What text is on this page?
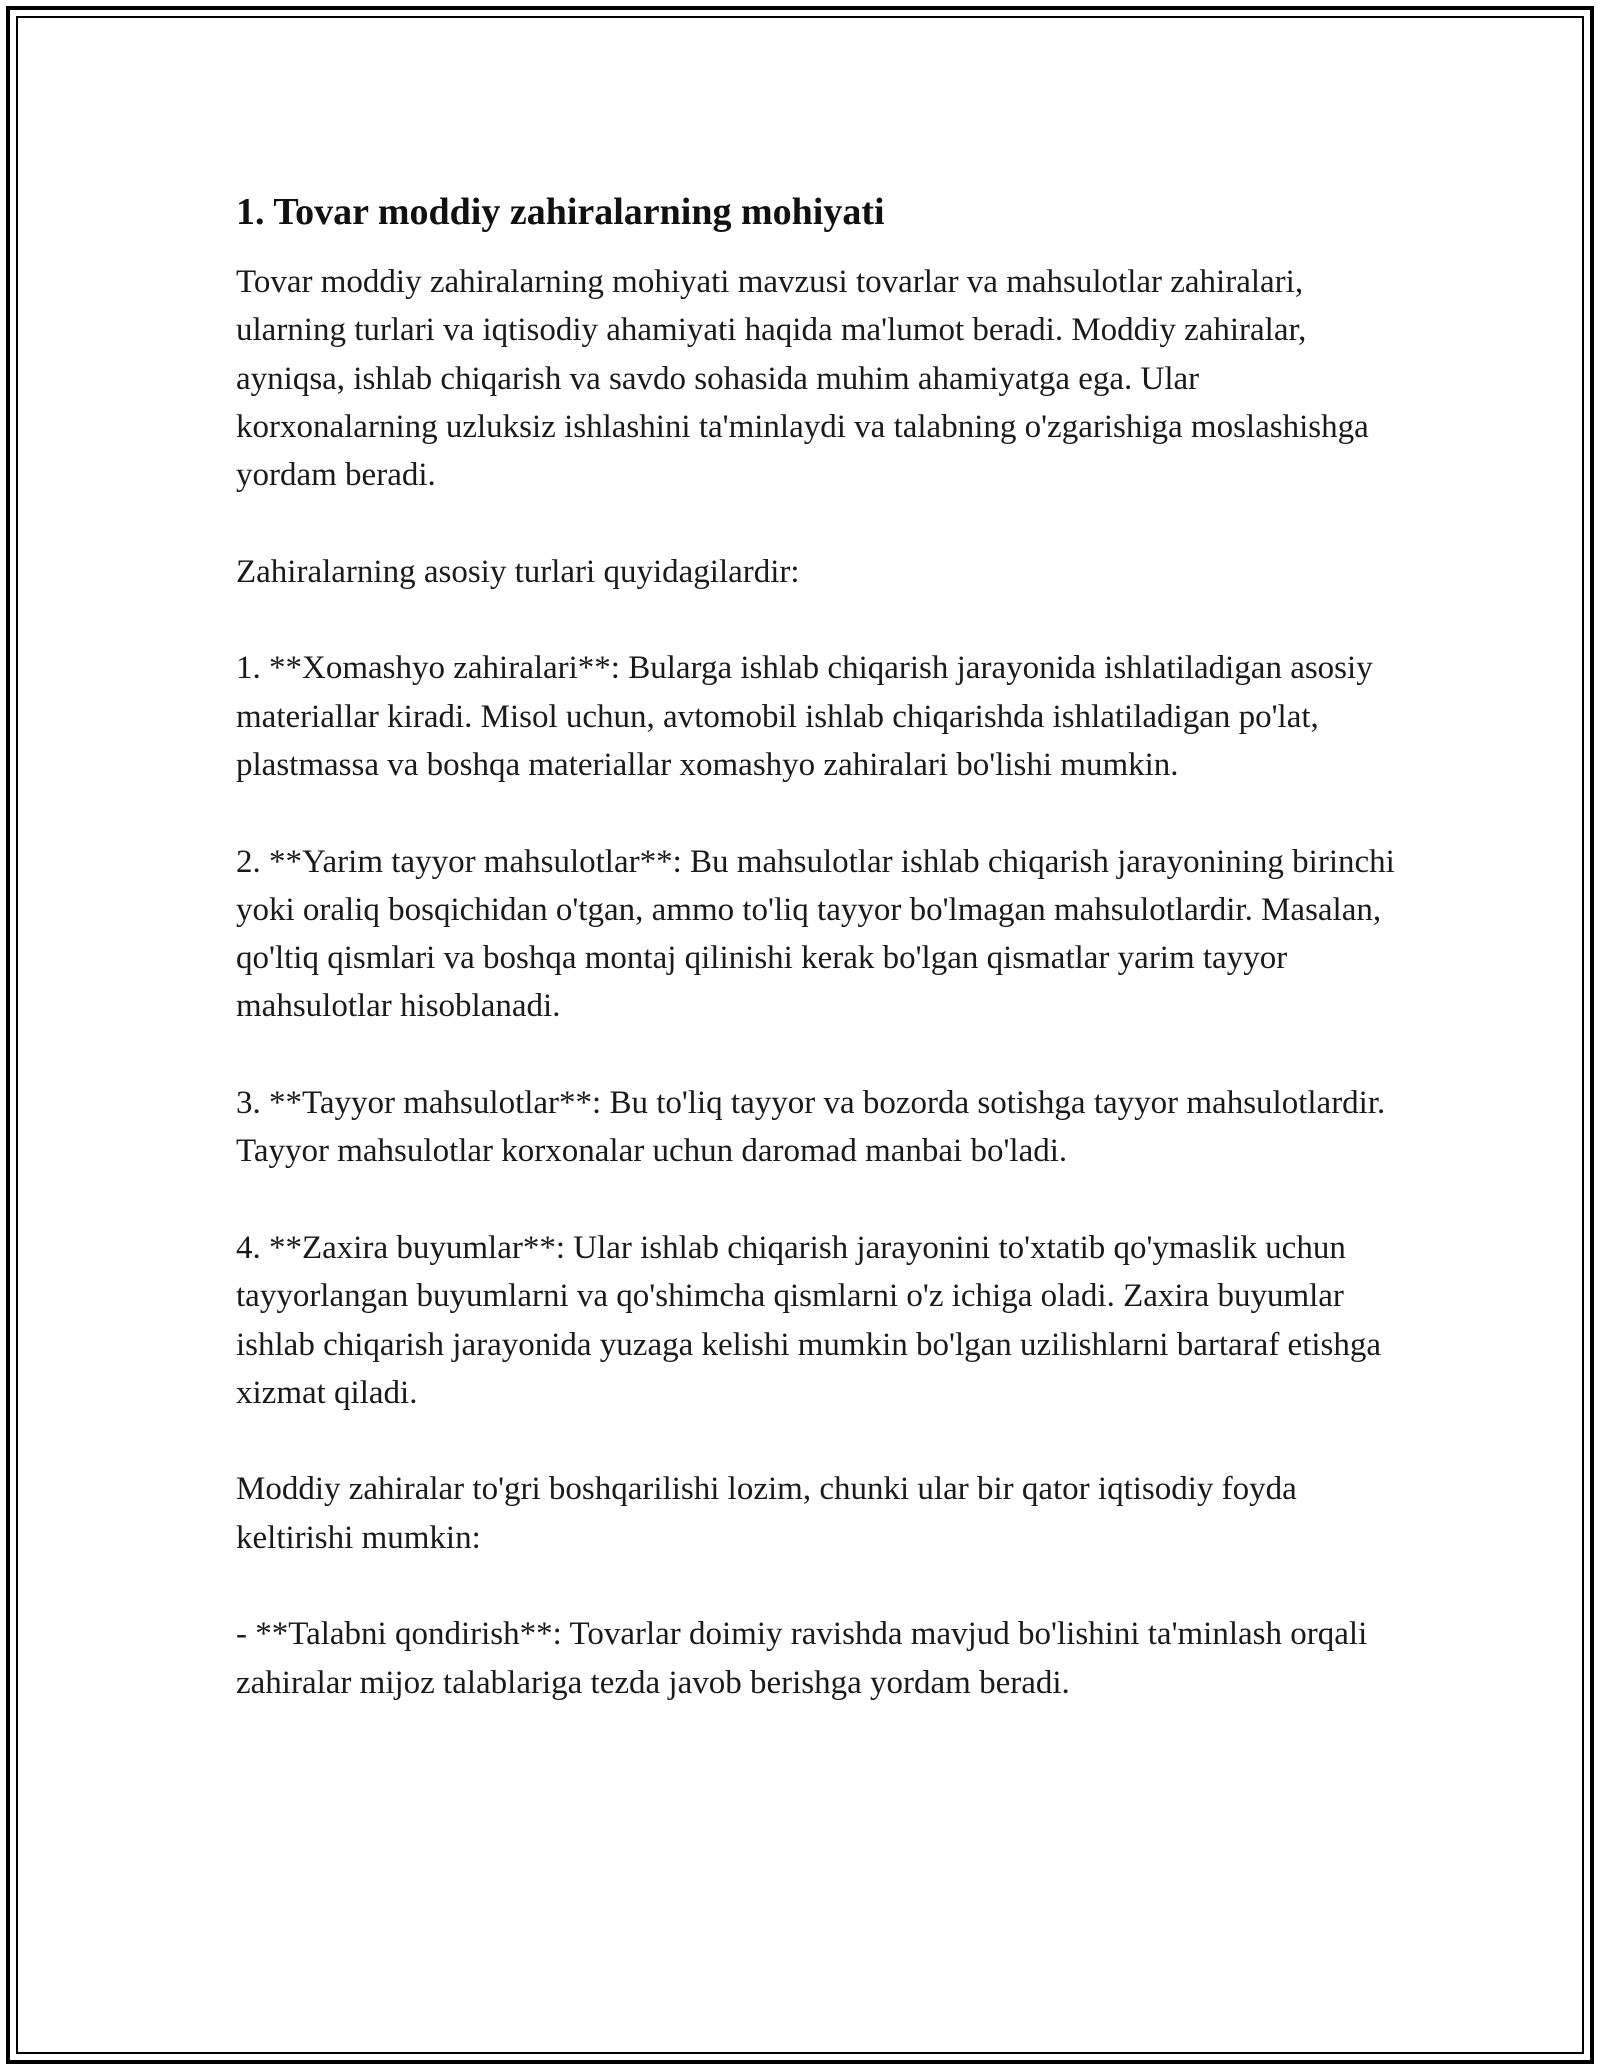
1. Tovar moddiy zahiralarning mohiyati

Tovar moddiy zahiralarning mohiyati mavzusi tovarlar va mahsulotlar zahiralari, ularning turlari va iqtisodiy ahamiyati haqida ma'lumot beradi. Moddiy zahiralar, ayniqsa, ishlab chiqarish va savdo sohasida muhim ahamiyatga ega. Ular korxonalarning uzluksiz ishlashini ta'minlaydi va talabning o'zgarishiga moslashishga yordam beradi.

Zahiralarning asosiy turlari quyidagilardir:

1. **Xomashyo zahiralari**: Bularga ishlab chiqarish jarayonida ishlatiladigan asosiy materiallar kiradi. Misol uchun, avtomobil ishlab chiqarishda ishlatiladigan po'lat, plastmassa va boshqa materiallar xomashyo zahiralari bo'lishi mumkin.

2. **Yarim tayyor mahsulotlar**: Bu mahsulotlar ishlab chiqarish jarayonining birinchi yoki oraliq bosqichidan o'tgan, ammo to'liq tayyor bo'lmagan mahsulotlardir. Masalan, qo'ltiq qismlari va boshqa montaj qilinishi kerak bo'lgan qismatlar yarim tayyor mahsulotlar hisoblanadi.

3. **Tayyor mahsulotlar**: Bu to'liq tayyor va bozorda sotishga tayyor mahsulotlardir. Tayyor mahsulotlar korxonalar uchun daromad manbai bo'ladi.

4. **Zaxira buyumlar**: Ular ishlab chiqarish jarayonini to'xtatib qo'ymaslik uchun tayyorlangan buyumlarni va qo'shimcha qismlarni o'z ichiga oladi. Zaxira buyumlar ishlab chiqarish jarayonida yuzaga kelishi mumkin bo'lgan uzilishlarni bartaraf etishga xizmat qiladi.

Moddiy zahiralar to'gri boshqarilishi lozim, chunki ular bir qator iqtisodiy foyda keltirishi mumkin:

- **Talabni qondirish**: Tovarlar doimiy ravishda mavjud bo'lishini ta'minlash orqali zahiralar mijoz talablariga tezda javob berishga yordam beradi.
